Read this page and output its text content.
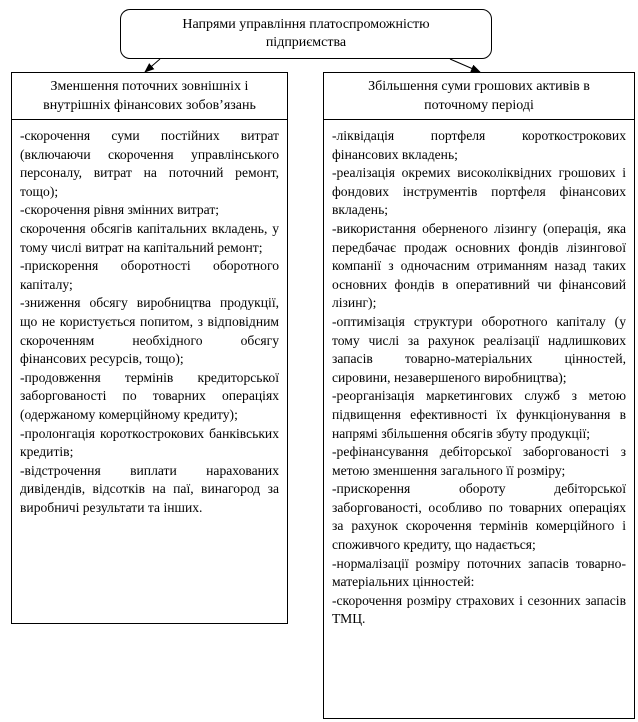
Напрями управління платоспроможністю
підприємства
Зменшення поточних зовнішніх і
внутрішніх фінансових зобов’язань
Збільшення суми грошових активів в
поточному періоді

-скорочення суми постійних витрат (включаючи скорочення управлінського персоналу, витрат на поточний ремонт, тощо);

-скорочення рівня змінних витрат;

скорочення обсягів капітальних вкладень, у тому числі витрат на капітальний ремонт;

-прискорення оборотності оборотного капіталу;

-зниження обсягу виробництва продукції, що не користується попитом, з відповідним скороченням необхідного обсягу фінансових ресурсів, тощо);

-продовження термінів кредиторської заборгованості по товарних операціях (одержаному комерційному кредиту);

-пролонгація короткострокових банківських кредитів;

-відстрочення виплати нарахованих дивідендів, відсотків на паї, винагород за виробничі результати та інших.

-ліквідація портфеля короткострокових фінансових вкладень;

-реалізація окремих високоліквідних грошових і фондових інструментів портфеля фінансових вкладень;

-використання оберненого лізингу (операція, яка передбачає продаж основних фондів лізингової компанії з одночасним отриманням назад таких основних фондів в оперативний чи фінансовий лізинг);

-оптимізація структури оборотного капіталу (у тому числі за рахунок реалізації надлишкових запасів товарно-матеріальних цінностей, сировини, незавершеного виробництва);

-реорганізація маркетингових служб з метою підвищення ефективності їх функціонування в напрямі збільшення обсягів збуту продукції;

-рефінансування дебіторської заборгованості з метою зменшення загального її розміру;

-прискорення обороту дебіторської заборгованості, особливо по товарних операціях за рахунок скорочення термінів комерційного і споживчого кредиту, що надається;

-нормалізації розміру поточних запасів товарно-матеріальних цінностей:

-скорочення розміру страхових і сезонних запасів ТМЦ.
